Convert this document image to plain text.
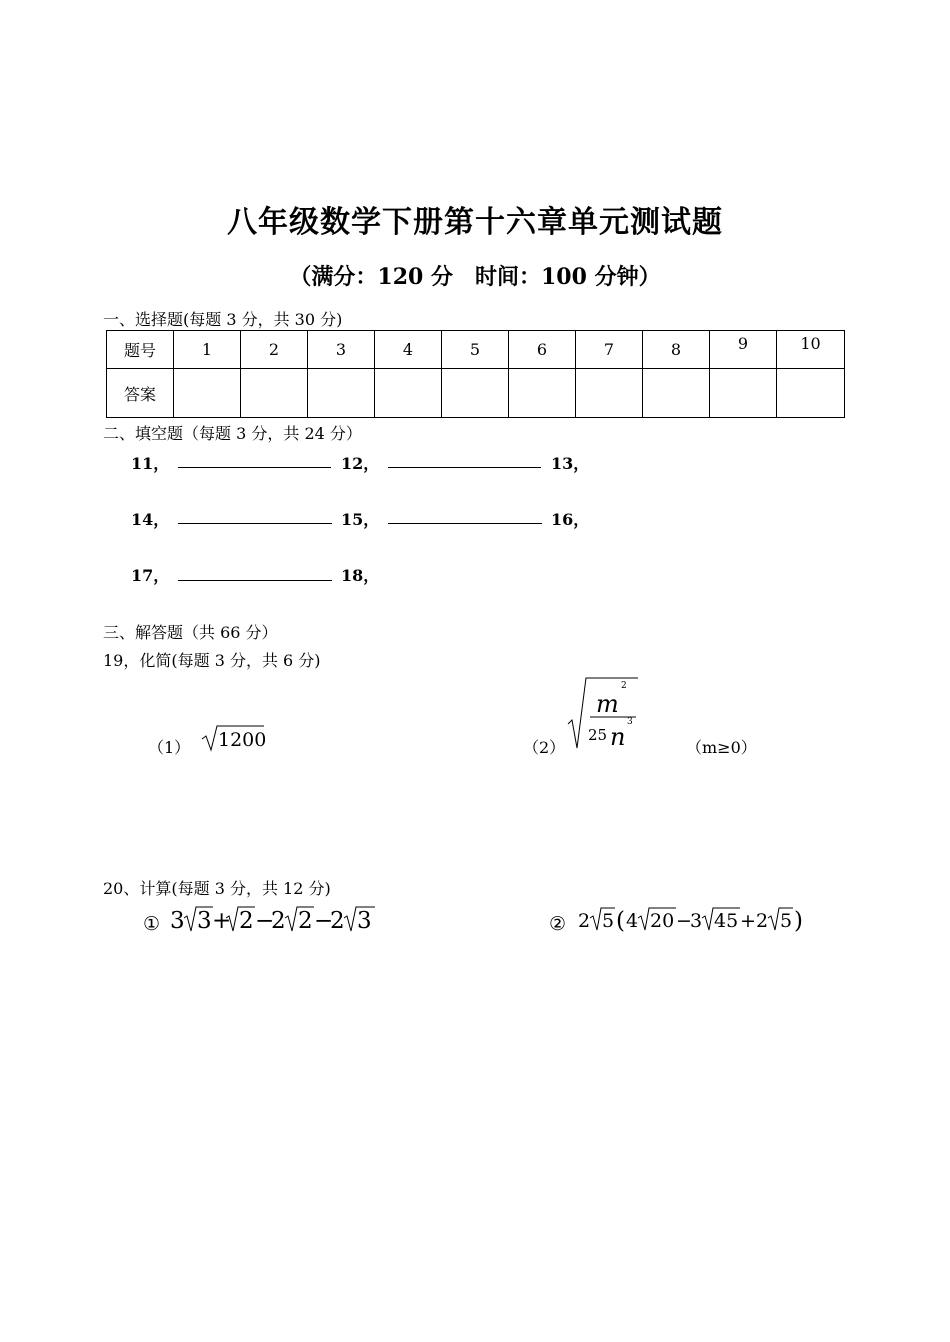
八年级数学下册第十六章单元测试题
（满分：120 分　时间：100 分钟）
一、选择题(每题 3 分，共 30 分)
题号	1	2	3	4	5	6	7	8	9	10
答案										
二、填空题（每题 3 分，共 24 分）
11，	12，	13，
14，	15，	16，
17，	18，
三、解答题（共 66 分）
19，化简(每题 3 分，共 6 分)
（1） 1200	（2）
m
2
25 n
3
（m≥0）
20、计算(每题 3 分，共 12 分)
① 3 3 + 2 −
2 2 −
2 3	② 2 5 ( 4 20 −
3 45 + 2 5 )
